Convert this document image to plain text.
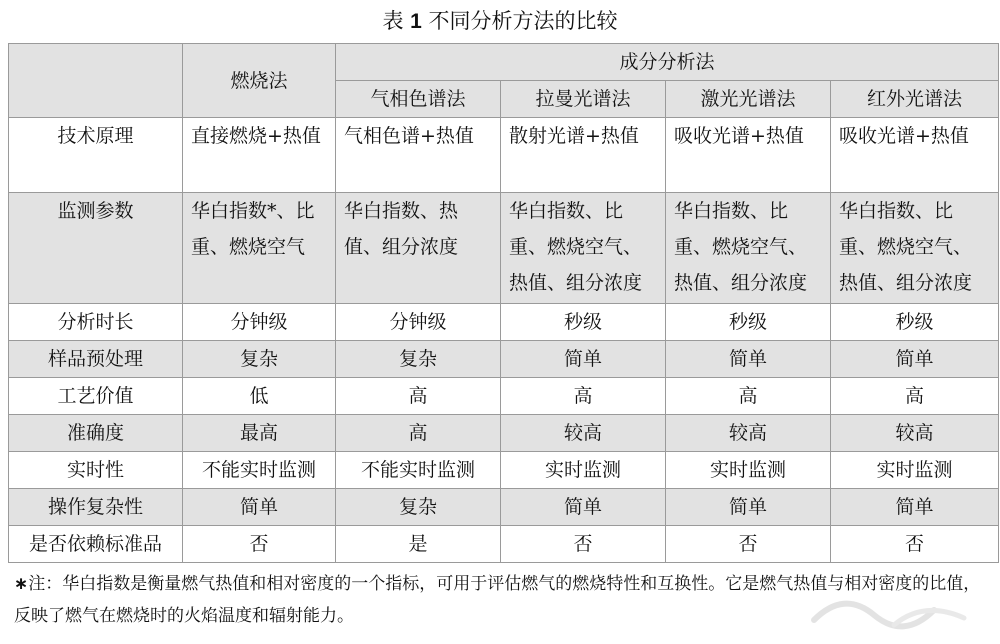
表 1 不同分析方法的比较
	燃烧法	成分分析法			
		气相色谱法	拉曼光谱法	激光光谱法	红外光谱法
技术原理	直接燃烧+热值	气相色谱+热值	散射光谱+热值	吸收光谱+热值	吸收光谱+热值
监测参数	华白指数*、比重、燃烧空气	华白指数、热值、组分浓度	华白指数、比重、燃烧空气、热值、组分浓度	华白指数、比重、燃烧空气、热值、组分浓度	华白指数、比重、燃烧空气、热值、组分浓度
分析时长	分钟级	分钟级	秒级	秒级	秒级
样品预处理	复杂	复杂	简单	简单	简单
工艺价值	低	高	高	高	高
准确度	最高	高	较高	较高	较高
实时性	不能实时监测	不能实时监测	实时监测	实时监测	实时监测
操作复杂性	简单	复杂	简单	简单	简单
是否依赖标准品	否	是	否	否	否
∗注：华白指数是衡量燃气热值和相对密度的一个指标，可用于评估燃气的燃烧特性和互换性。它是燃气热值与相对密度的比值，反映了燃气在燃烧时的火焰温度和辐射能力。
